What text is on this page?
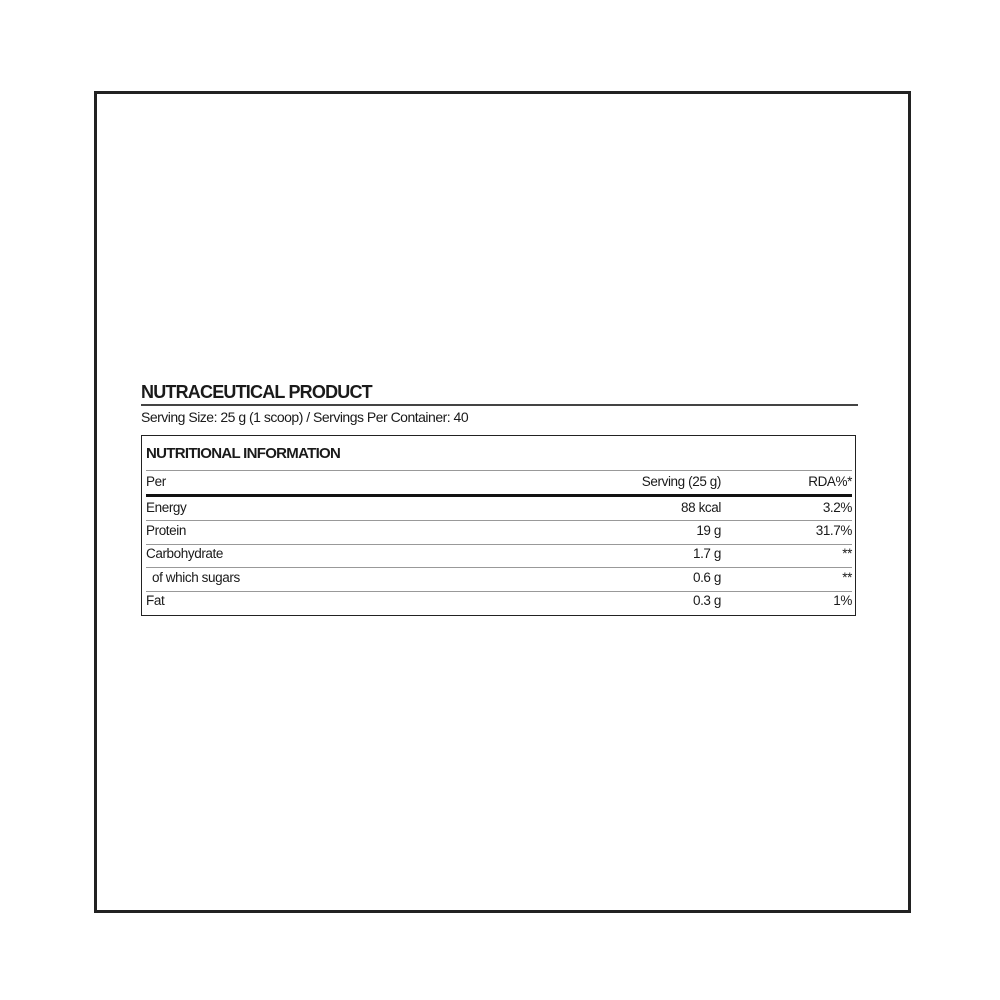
NUTRACEUTICAL PRODUCT
Serving Size: 25 g (1 scoop) / Servings Per Container: 40
NUTRITIONAL INFORMATION
Per	Serving (25 g)	RDA%*
Energy	88 kcal	3.2%
Protein	19 g	31.7%
Carbohydrate	1.7 g	**
of which sugars	0.6 g	**
Fat	0.3 g	1%
